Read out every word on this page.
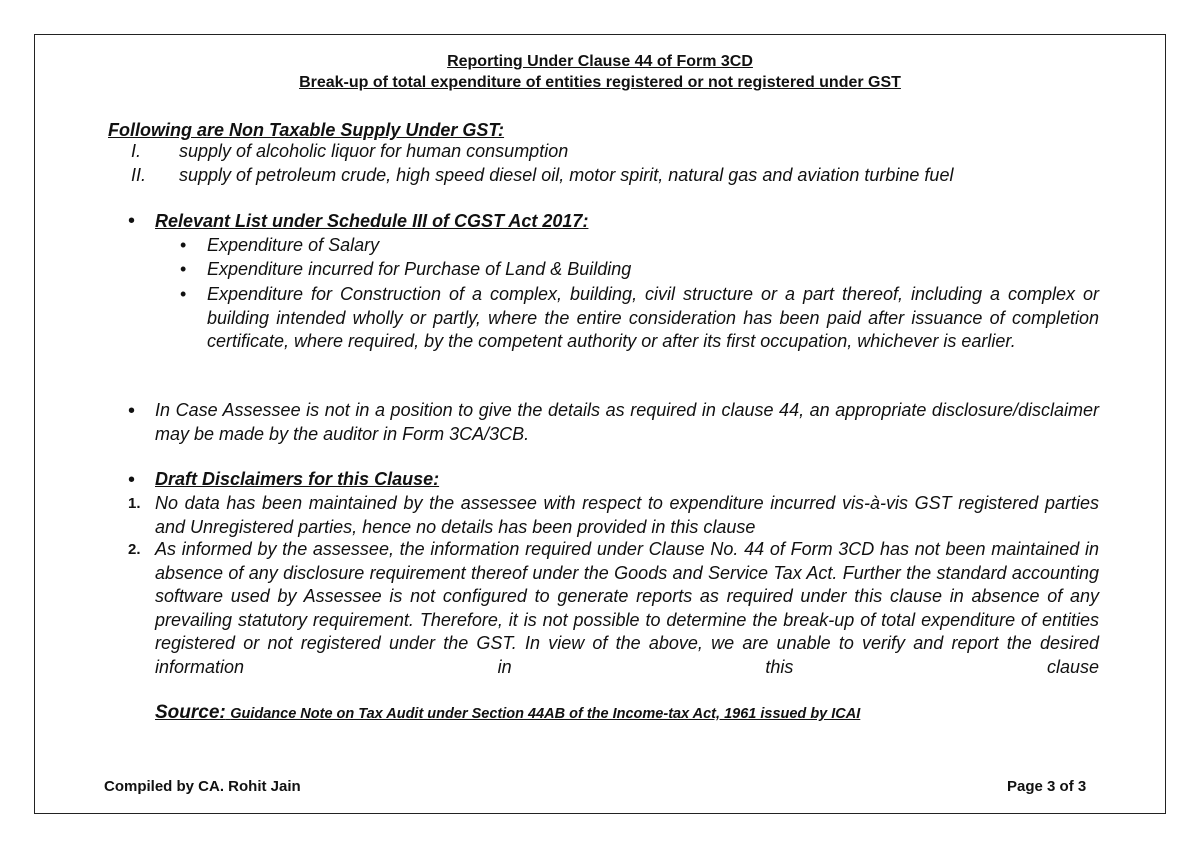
Reporting Under Clause 44 of Form 3CD
Break-up of total expenditure of entities registered or not registered under GST
Following are Non Taxable Supply Under GST:
I.	supply of alcoholic liquor for human consumption
II.	supply of petroleum crude, high speed diesel oil, motor spirit, natural gas and aviation turbine fuel
• Relevant List under Schedule III of CGST Act 2017:
• Expenditure of Salary
• Expenditure incurred for Purchase of Land & Building
• Expenditure for Construction of a complex, building, civil structure or a part thereof, including a complex or building intended wholly or partly, where the entire consideration has been paid after issuance of completion certificate, where required, by the competent authority or after its first occupation, whichever is earlier.
• In Case Assessee is not in a position to give the details as required in clause 44, an appropriate disclosure/disclaimer may be made by the auditor in Form 3CA/3CB.
• Draft Disclaimers for this Clause:
1. No data has been maintained by the assessee with respect to expenditure incurred vis-à-vis GST registered parties and Unregistered parties, hence no details has been provided in this clause
2. As informed by the assessee, the information required under Clause No. 44 of Form 3CD has not been maintained in absence of any disclosure requirement thereof under the Goods and Service Tax Act. Further the standard accounting software used by Assessee is not configured to generate reports as required under this clause in absence of any prevailing statutory requirement. Therefore, it is not possible to determine the break-up of total expenditure of entities registered or not registered under the GST. In view of the above, we are unable to verify and report the desired information in this clause
Source: Guidance Note on Tax Audit under Section 44AB of the Income-tax Act, 1961 issued by ICAI
Compiled by CA. Rohit Jain	Page 3 of 3
